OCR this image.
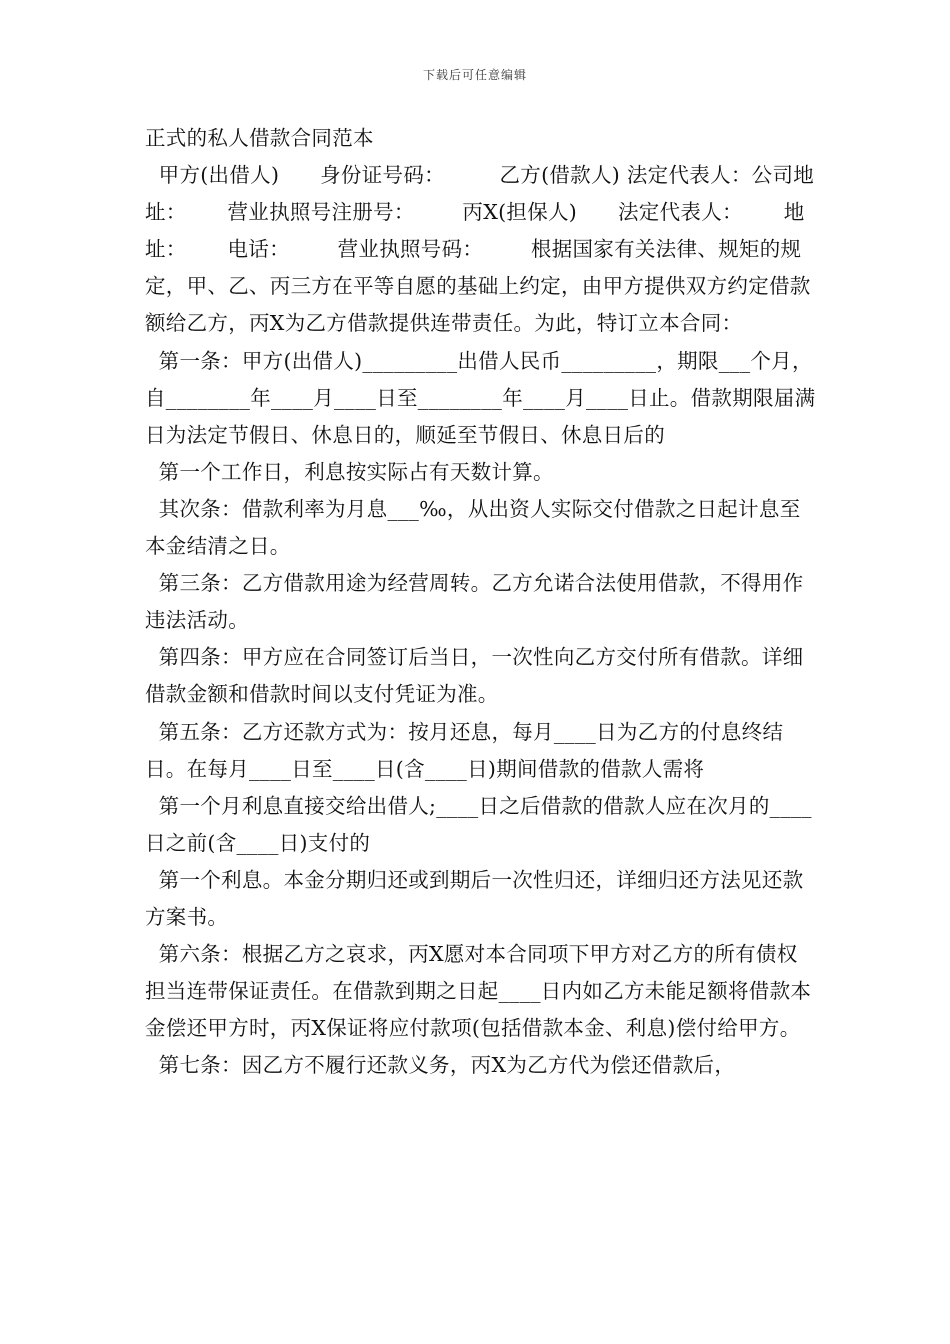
下载后可任意编辑

正式的私人借款合同范本

甲方(出借人)      身份证号码：        乙方(借款人) 法定代表人：公司地址：      营业执照号注册号：       丙X(担保人)      法定代表人：      地址：      电话：       营业执照号码：       根据国家有关法律、规矩的规定，甲、乙、丙三方在平等自愿的基础上约定，由甲方提供双方约定借款额给乙方，丙X为乙方借款提供连带责任。为此，特订立本合同：

第一条：甲方(出借人)_________出借人民币_________，期限___个月，自________年____月____日至________年____月____日止。借款期限届满日为法定节假日、休息日的，顺延至节假日、休息日后的

第一个工作日，利息按实际占有天数计算。

其次条：借款利率为月息___‰，从出资人实际交付借款之日起计息至本金结清之日。

第三条：乙方借款用途为经营周转。乙方允诺合法使用借款，不得用作违法活动。

第四条：甲方应在合同签订后当日，一次性向乙方交付所有借款。详细借款金额和借款时间以支付凭证为准。

第五条：乙方还款方式为：按月还息，每月____日为乙方的付息终结日。在每月____日至____日(含____日)期间借款的借款人需将

第一个月利息直接交给出借人;____日之后借款的借款人应在次月的____日之前(含____日)支付的

第一个利息。本金分期归还或到期后一次性归还，详细归还方法见还款方案书。

第六条：根据乙方之哀求，丙X愿对本合同项下甲方对乙方的所有债权担当连带保证责任。在借款到期之日起____日内如乙方未能足额将借款本金偿还甲方时，丙X保证将应付款项(包括借款本金、利息)偿付给甲方。

第七条：因乙方不履行还款义务，丙X为乙方代为偿还借款后，
